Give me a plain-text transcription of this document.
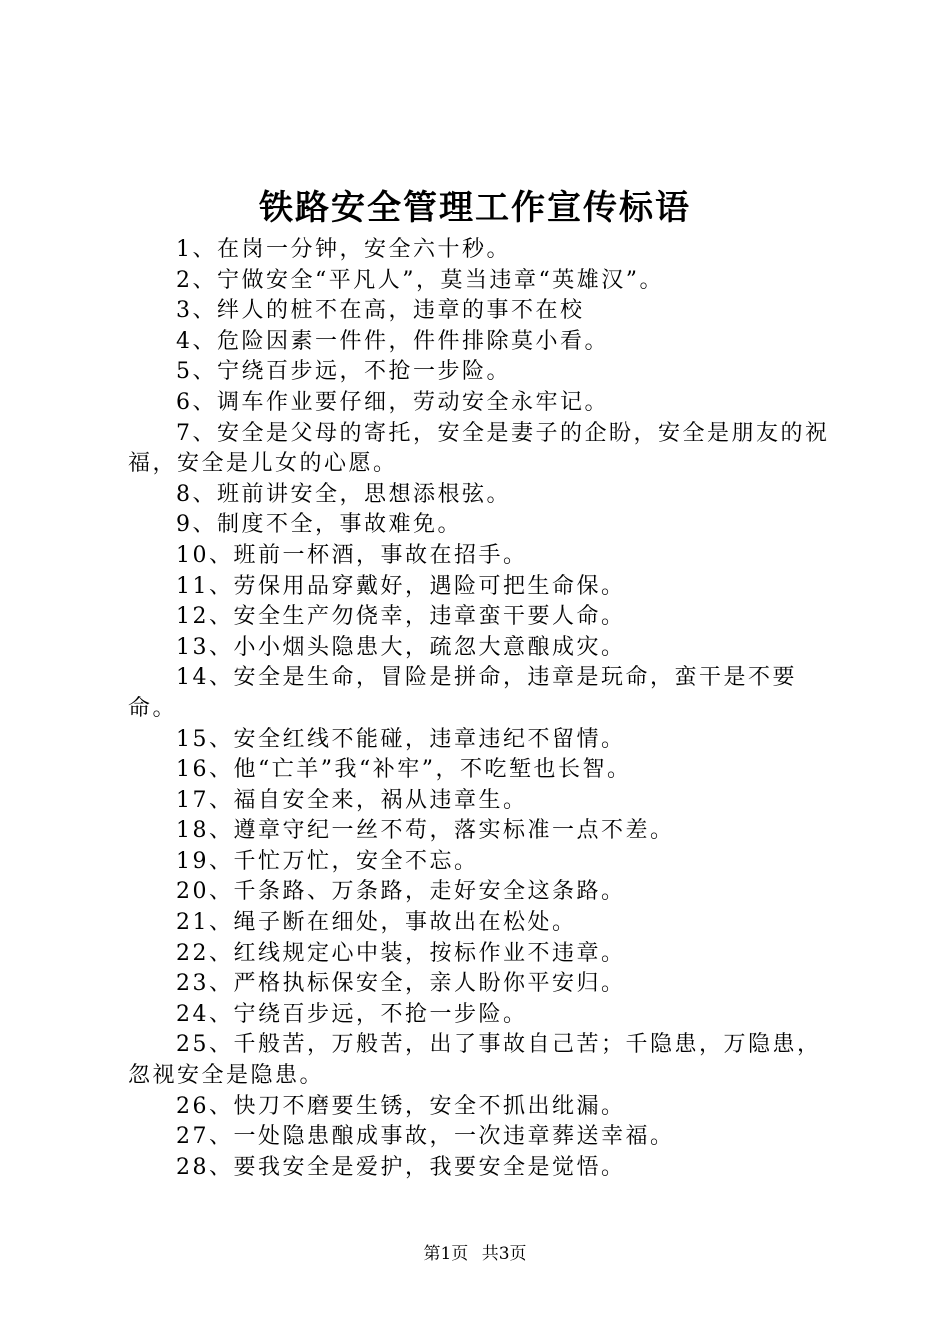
铁路安全管理工作宣传标语

1、在岗一分钟，安全六十秒。

2、宁做安全“平凡人”，莫当违章“英雄汉”。

3、绊人的桩不在高，违章的事不在校

4、危险因素一件件，件件排除莫小看。

5、宁绕百步远，不抢一步险。

6、调车作业要仔细，劳动安全永牢记。

7、安全是父母的寄托，安全是妻子的企盼，安全是朋友的祝福，安全是儿女的心愿。

8、班前讲安全，思想添根弦。

9、制度不全，事故难免。

10、班前一杯酒，事故在招手。

11、劳保用品穿戴好，遇险可把生命保。

12、安全生产勿侥幸，违章蛮干要人命。

13、小小烟头隐患大，疏忽大意酿成灾。

14、安全是生命，冒险是拼命，违章是玩命，蛮干是不要命。

15、安全红线不能碰，违章违纪不留情。

16、他“亡羊”我“补牢”，不吃堑也长智。

17、福自安全来，祸从违章生。

18、遵章守纪一丝不苟，落实标准一点不差。

19、千忙万忙，安全不忘。

20、千条路、万条路，走好安全这条路。

21、绳子断在细处，事故出在松处。

22、红线规定心中装，按标作业不违章。

23、严格执标保安全，亲人盼你平安归。

24、宁绕百步远，不抢一步险。

25、千般苦，万般苦，出了事故自己苦；千隐患，万隐患，忽视安全是隐患。

26、快刀不磨要生锈，安全不抓出纰漏。

27、一处隐患酿成事故，一次违章葬送幸福。

28、要我安全是爱护，我要安全是觉悟。

第1页 共3页
